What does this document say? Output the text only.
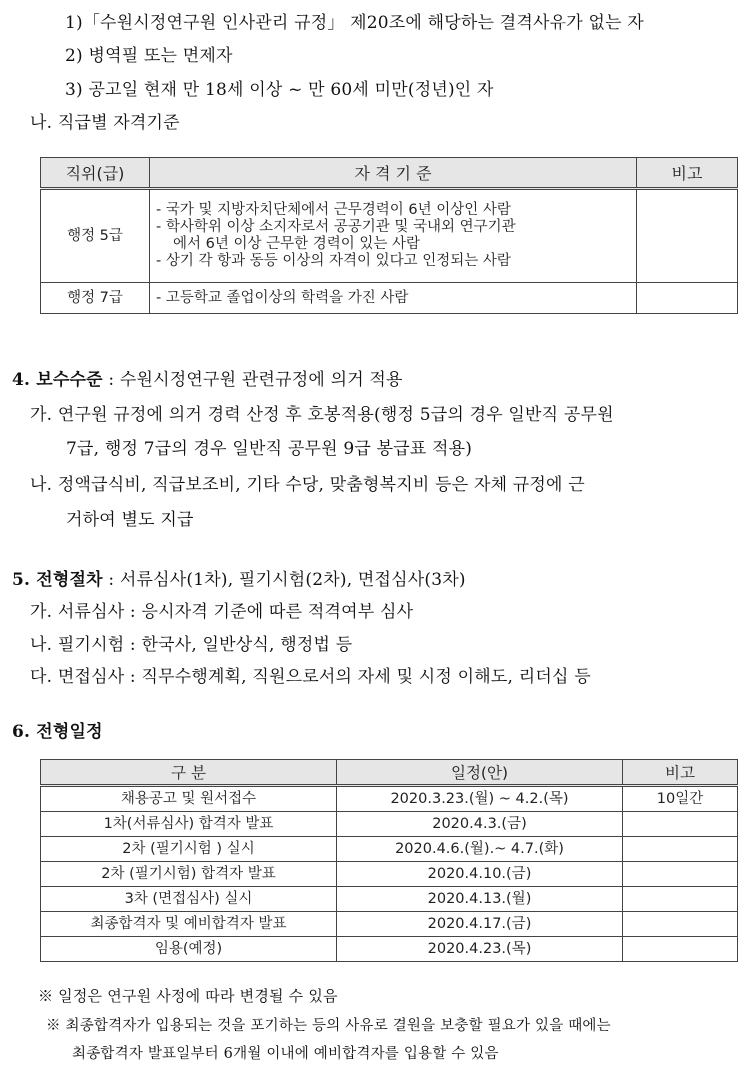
1)「수원시정연구원 인사관리 규정」 제20조에 해당하는 결격사유가 없는 자
2) 병역필 또는 면제자
3) 공고일 현재 만 18세 이상 ~ 만 60세 미만(정년)인 자
나. 직급별 자격기준
직위(급)	자 격 기 준	비고
행정 5급	- 국가 및 지방자치단체에서 근무경력이 6년 이상인 사람
- 학사학위 이상 소지자로서 공공기관 및 국내외 연구기관
에서 6년 이상 근무한 경력이 있는 사람
- 상기 각 항과 동등 이상의 자격이 있다고 인정되는 사람	

행정 7급	- 고등학교 졸업이상의 학력을 가진 사람	

4. 보수수준 : 수원시정연구원 관련규정에 의거 적용
가. 연구원 규정에 의거 경력 산정 후 호봉적용(행정 5급의 경우 일반직 공무원
7급, 행정 7급의 경우 일반직 공무원 9급 봉급표 적용)
나. 정액급식비, 직급보조비, 기타 수당, 맞춤형복지비 등은 자체 규정에 근
거하여 별도 지급
5. 전형절차 : 서류심사(1차), 필기시험(2차), 면접심사(3차)
가. 서류심사 : 응시자격 기준에 따른 적격여부 심사
나. 필기시험 : 한국사, 일반상식, 행정법 등
다. 면접심사 : 직무수행계획, 직원으로서의 자세 및 시정 이해도, 리더십 등
6. 전형일정
구 분	일정(안)	비고
채용공고 및 원서접수	2020.3.23.(월) ~ 4.2.(목)	10일간
1차(서류심사) 합격자 발표	2020.4.3.(금)	
2차 (필기시험 ) 실시	2020.4.6.(월).~ 4.7.(화)	
2차 (필기시험) 합격자 발표	2020.4.10.(금)	
3차 (면접심사) 실시	2020.4.13.(월)	
최종합격자 및 예비합격자 발표	2020.4.17.(금)	
임용(예정)	2020.4.23.(목)	
※ 일정은 연구원 사정에 따라 변경될 수 있음
※ 최종합격자가 입용되는 것을 포기하는 등의 사유로 결원을 보충할 필요가 있을 때에는
최종합격자 발표일부터 6개월 이내에 예비합격자를 입용할 수 있음
